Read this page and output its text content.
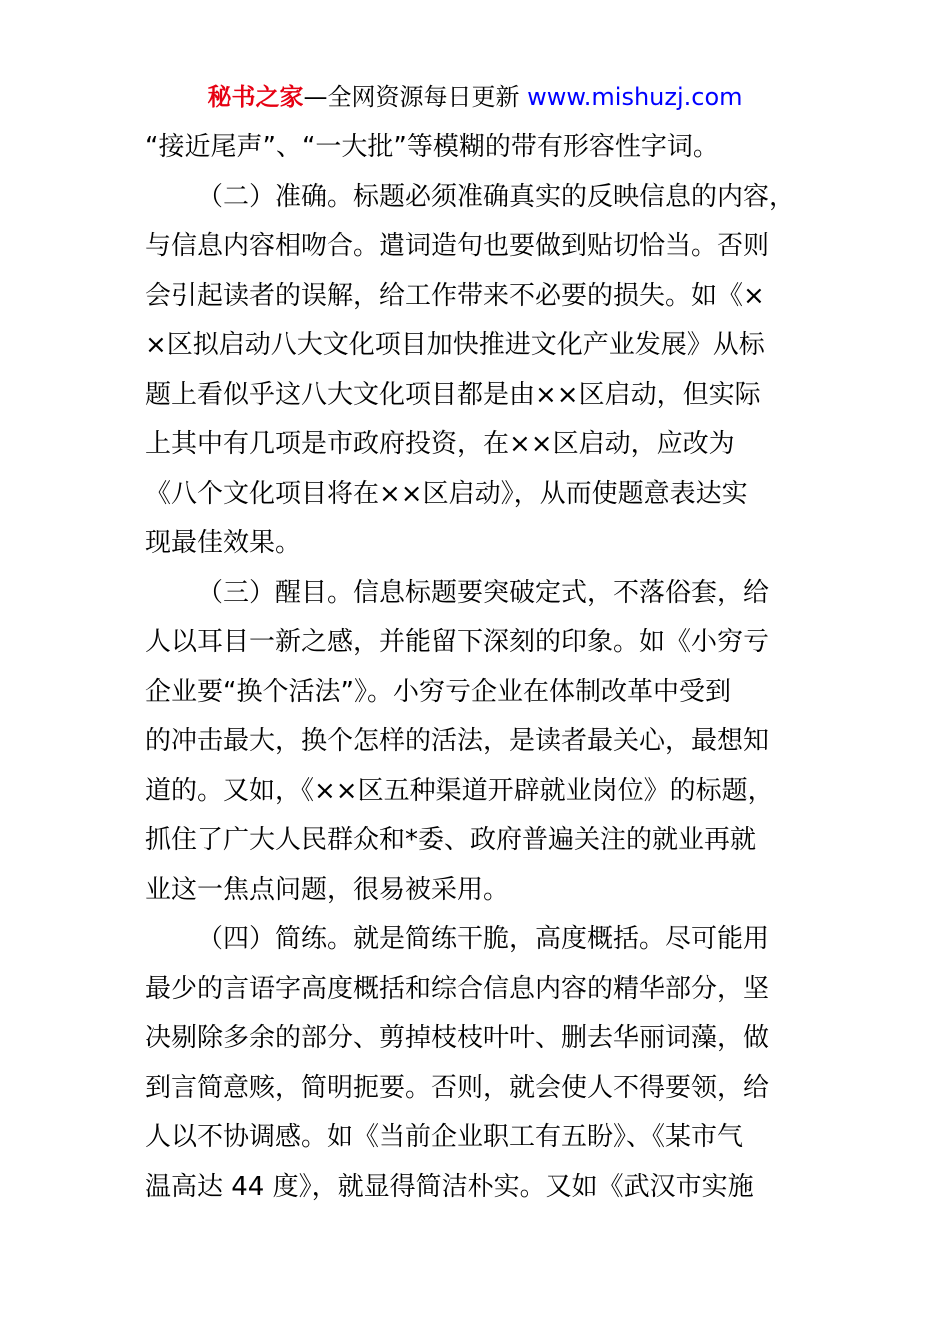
秘书之家—全网资源每日更新 www.mishuzj.com
“接近尾声”、“一大批”等模糊的带有形容性字词。
（二）准确。标题必须准确真实的反映信息的内容，
与信息内容相吻合。遣词造句也要做到贴切恰当。否则
会引起读者的误解，给工作带来不必要的损失。如《×
×区拟启动八大文化项目加快推进文化产业发展》从标
题上看似乎这八大文化项目都是由××区启动，但实际
上其中有几项是市政府投资，在××区启动，应改为
《八个文化项目将在××区启动》，从而使题意表达实
现最佳效果。
（三）醒目。信息标题要突破定式，不落俗套，给
人以耳目一新之感，并能留下深刻的印象。如《小穷亏
企业要“换个活法”》。小穷亏企业在体制改革中受到
的冲击最大，换个怎样的活法，是读者最关心，最想知
道的。又如，《××区五种渠道开辟就业岗位》的标题，
抓住了广大人民群众和*委、政府普遍关注的就业再就
业这一焦点问题，很易被采用。
（四）简练。就是简练干脆，高度概括。尽可能用
最少的言语字高度概括和综合信息内容的精华部分，坚
决剔除多余的部分、剪掉枝枝叶叶、删去华丽词藻，做
到言简意赅，简明扼要。否则，就会使人不得要领，给
人以不协调感。如《当前企业职工有五盼》、《某市气
温高达 44 度》，就显得简洁朴实。又如《武汉市实施
